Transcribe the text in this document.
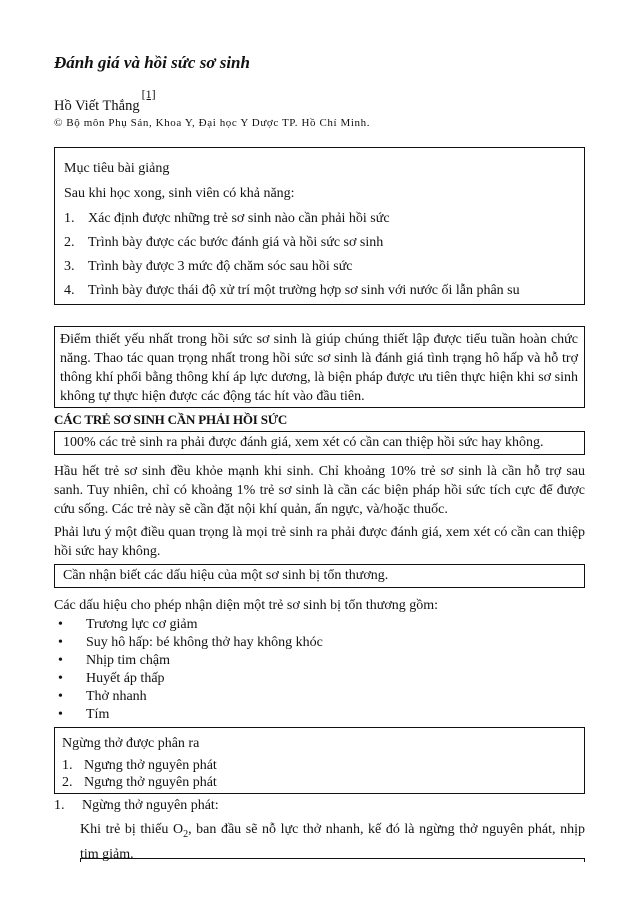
Đánh giá và hồi sức sơ sinh
Hồ Viết Thắng[1]
© Bộ môn Phụ Sản, Khoa Y, Đại học Y Dược TP. Hồ Chí Minh.
Mục tiêu bài giảng
Sau khi học xong, sinh viên có khả năng:
1. Xác định được những trẻ sơ sinh nào cần phải hồi sức
2. Trình bày được các bước đánh giá và hồi sức sơ sinh
3. Trình bày được 3 mức độ chăm sóc sau hồi sức
4. Trình bày được thái độ xử trí một trường hợp sơ sinh với nước ối lẫn phân su
Điểm thiết yếu nhất trong hồi sức sơ sinh là giúp chúng thiết lập được tiểu tuần hoàn chức năng. Thao tác quan trọng nhất trong hồi sức sơ sinh là đánh giá tình trạng hô hấp và hỗ trợ thông khí phổi bằng thông khí áp lực dương, là biện pháp được ưu tiên thực hiện khi sơ sinh không tự thực hiện được các động tác hít vào đầu tiên.
CÁC TRẺ SƠ SINH CẦN PHẢI HỒI SỨC
100% các trẻ sinh ra phải được đánh giá, xem xét có cần can thiệp hồi sức hay không.
Hầu hết trẻ sơ sinh đều khỏe mạnh khi sinh. Chỉ khoảng 10% trẻ sơ sinh là cần hỗ trợ sau sanh. Tuy nhiên, chỉ có khoảng 1% trẻ sơ sinh là cần các biện pháp hồi sức tích cực để được cứu sống. Các trẻ này sẽ cần đặt nội khí quản, ấn ngực, và/hoặc thuốc.
Phải lưu ý một điều quan trọng là mọi trẻ sinh ra phải được đánh giá, xem xét có cần can thiệp hồi sức hay không.
Cần nhận biết các dấu hiệu của một sơ sinh bị tổn thương.
Các dấu hiệu cho phép nhận diện một trẻ sơ sinh bị tổn thương gồm:
•	Trương lực cơ giảm
•	Suy hô hấp: bé không thở hay không khóc
•	Nhịp tim chậm
•	Huyết áp thấp
•	Thở nhanh
•	Tím
Ngừng thở được phân ra
1. Ngưng thở nguyên phát
2. Ngưng thở nguyên phát
1.	Ngừng thở nguyên phát:
Khi trẻ bị thiếu $O_2$, ban đầu sẽ nỗ lực thở nhanh, kế đó là ngừng thở nguyên phát, nhịp tim giảm.
